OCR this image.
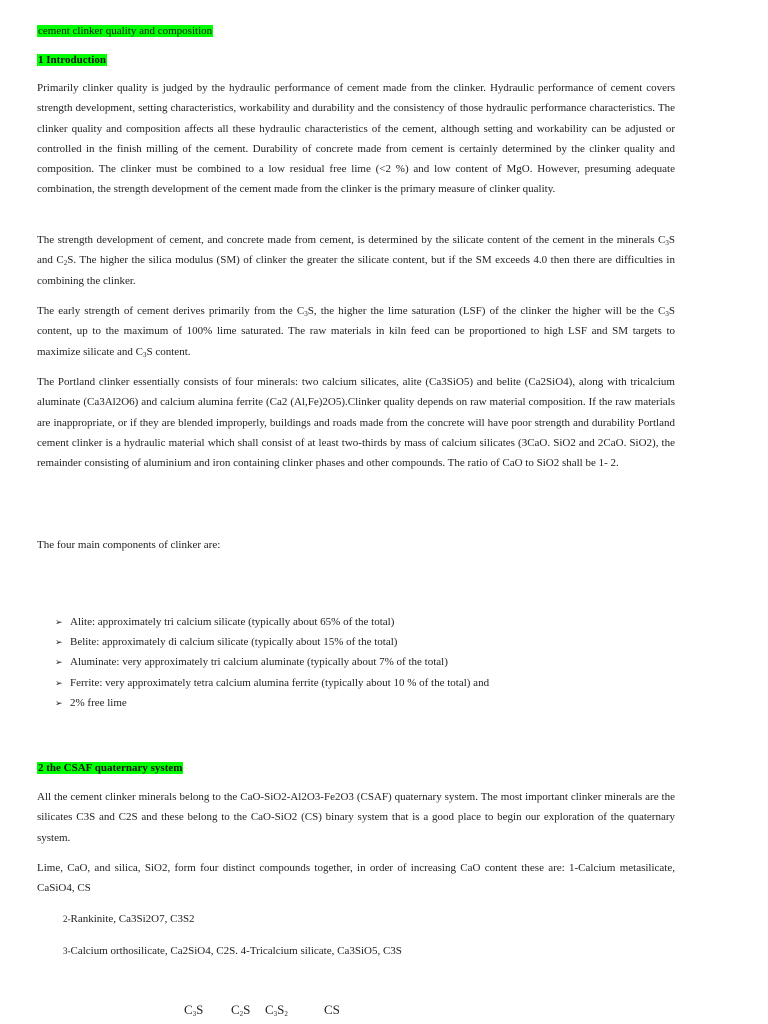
cement clinker quality and composition
1 Introduction

Primarily clinker quality is judged by the hydraulic performance of cement made from the clinker. Hydraulic performance of cement covers strength development, setting characteristics, workability and durability and the consistency of those hydraulic performance characteristics. The clinker quality and composition affects all these hydraulic characteristics of the cement, although setting and workability can be adjusted or controlled in the finish milling of the cement. Durability of concrete made from cement is certainly determined by the clinker quality and composition. The clinker must be combined to a low residual free lime (<2 %) and low content of MgO. However, presuming adequate combination, the strength development of the cement made from the clinker is the primary measure of clinker quality.

The strength development of cement, and concrete made from cement, is determined by the silicate content of the cement in the minerals $C_3S$ and $C_2S$. The higher the silica modulus (SM) of clinker the greater the silicate content, but if the SM exceeds 4.0 then there are difficulties in combining the clinker.

The early strength of cement derives primarily from the $C_3S$, the higher the lime saturation (LSF) of the clinker the higher will be the $C_3S$ content, up to the maximum of 100% lime saturated. The raw materials in kiln feed can be proportioned to high LSF and SM targets to maximize silicate and $C_3S$ content.

The Portland clinker essentially consists of four minerals: two calcium silicates, alite (Ca3SiO5) and belite (Ca2SiO4), along with tricalcium aluminate (Ca3Al2O6) and calcium alumina ferrite (Ca2 (Al,Fe)2O5).Clinker quality depends on raw material composition. If the raw materials are inappropriate, or if they are blended improperly, buildings and roads made from the concrete will have poor strength and durability Portland cement clinker is a hydraulic material which shall consist of at least two-thirds by mass of calcium silicates (3CaO. SiO2 and 2CaO. SiO2), the remainder consisting of aluminium and iron containing clinker phases and other compounds. The ratio of CaO to SiO2 shall be 1- 2.

The four main components of clinker are:
➢ Alite: approximately tri calcium silicate (typically about 65% of the total)
➢ Belite: approximately di calcium silicate (typically about 15% of the total)
➢ Aluminate: very approximately tri calcium aluminate (typically about 7% of the total)
➢ Ferrite: very approximately tetra calcium alumina ferrite (typically about 10 % of the total) and
➢ 2% free lime
2 the CSAF quaternary system

All the cement clinker minerals belong to the CaO-SiO2-Al2O3-Fe2O3 (CSAF) quaternary system. The most important clinker minerals are the silicates C3S and C2S and these belong to the CaO-SiO2 (CS) binary system that is a good place to begin our exploration of the quaternary system.

Lime, CaO, and silica, SiO2, form four distinct compounds together, in order of increasing CaO content these are: 1-Calcium metasilicate, CaSiO4, CS

2-Rankinite, Ca3Si2O7, C3S2
3-Calcium orthosilicate, Ca2SiO4, C2S. 4-Tricalcium silicate, Ca3SiO5, C3S
$C_3S$ $C_2S$ $C_3S_2$	CS
